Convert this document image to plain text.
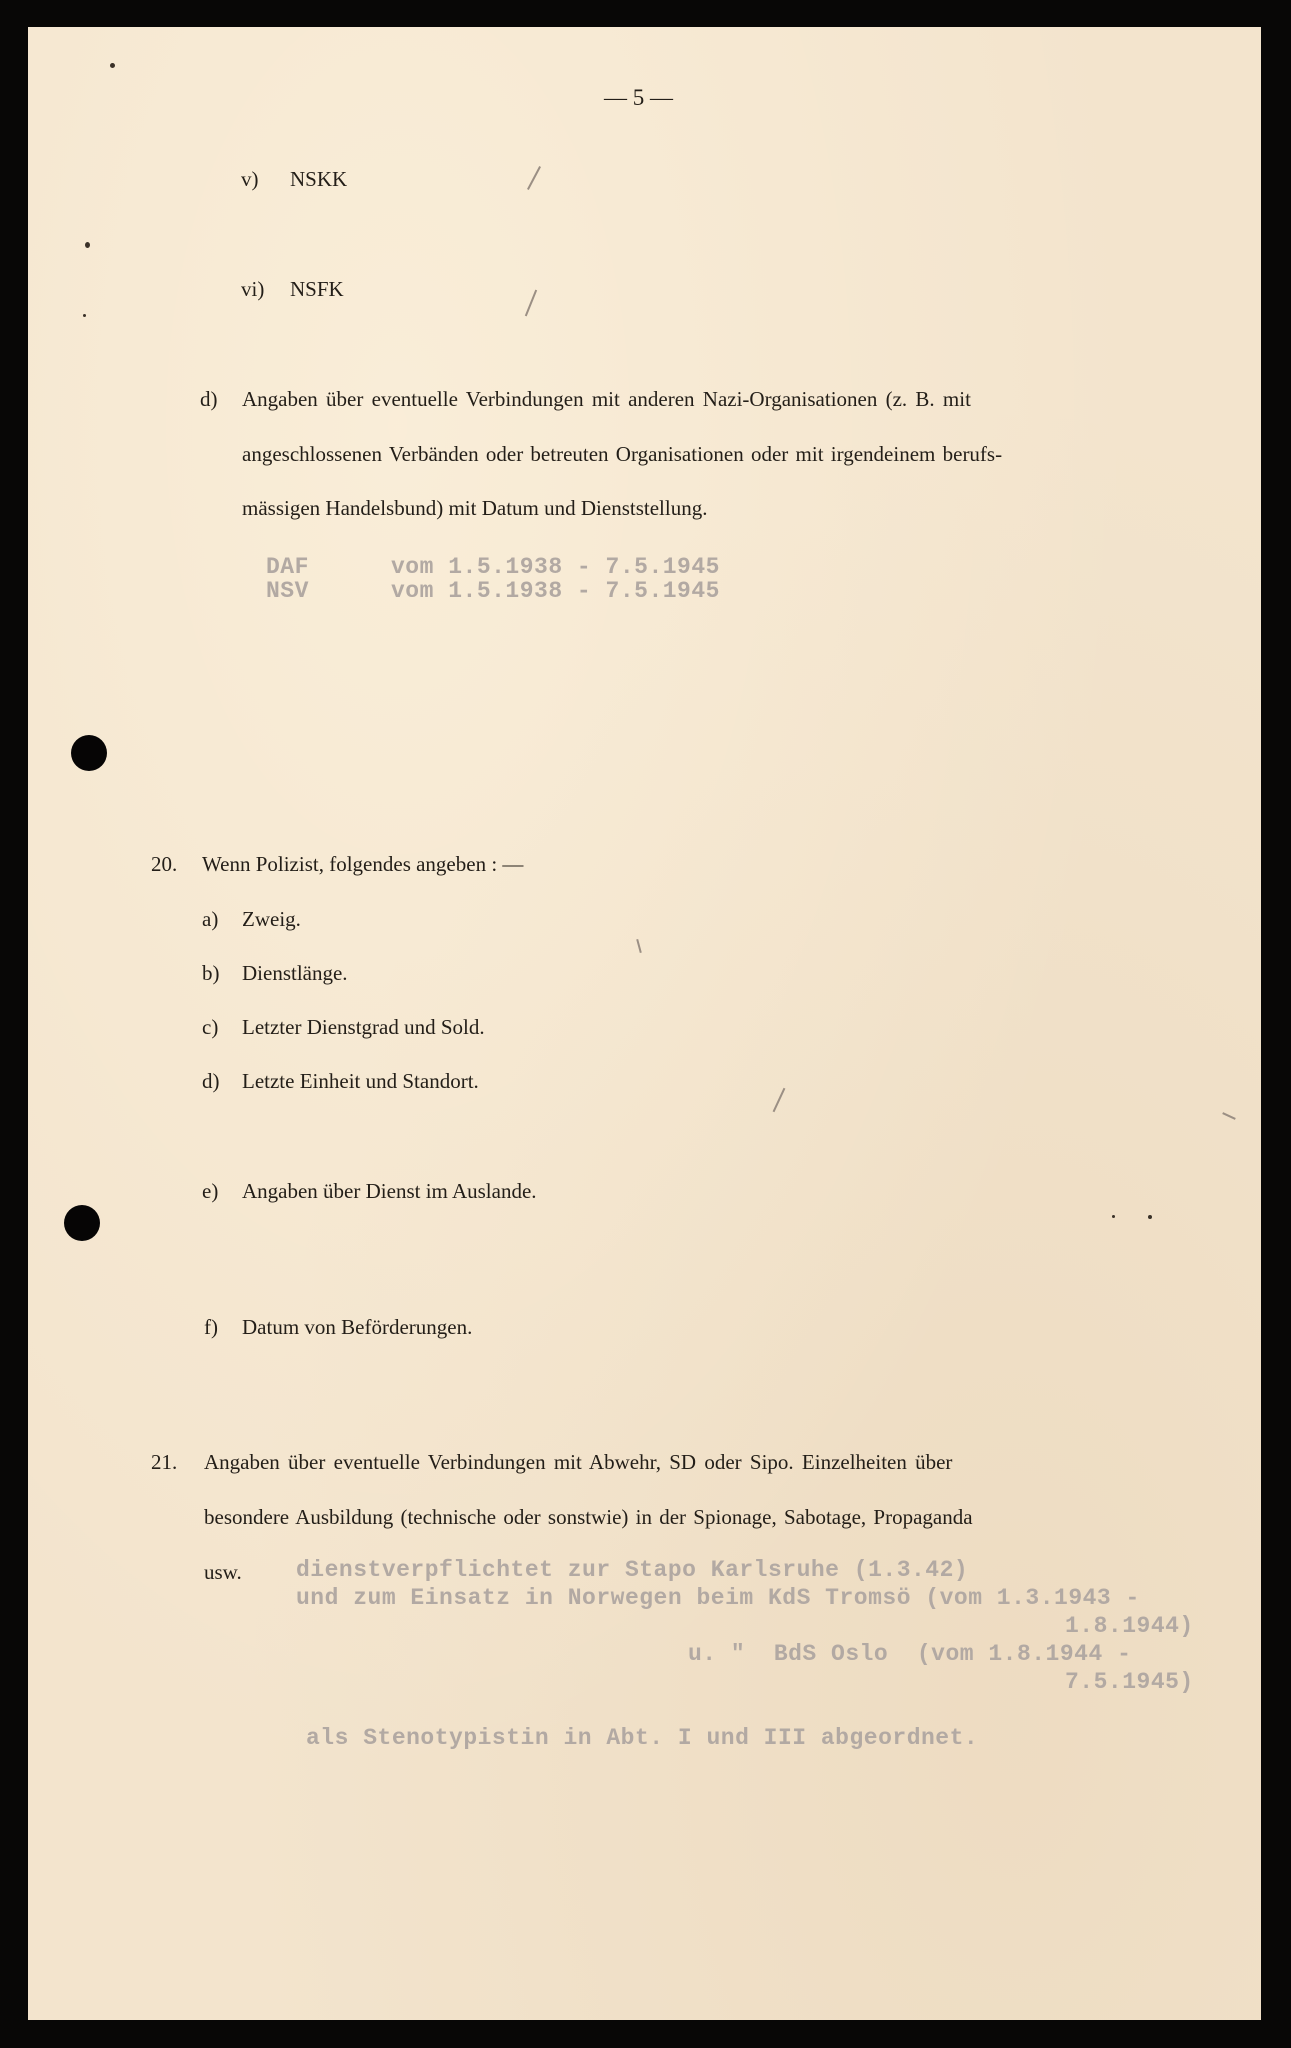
— 5 —
v) NSKK
vi) NSFK
d) Angaben über eventuelle Verbindungen mit anderen Nazi-Organisationen (z. B. mit
angeschlossenen Verbänden oder betreuten Organisationen oder mit irgendeinem berufs-
mässigen Handelsbund) mit Datum und Dienststellung.
DAF	vom 1.5.1938 - 7.5.1945
NSV	vom 1.5.1938 - 7.5.1945
20. Wenn Polizist, folgendes angeben : —
a) Zweig.
b) Dienstlänge.
c) Letzter Dienstgrad und Sold.
d) Letzte Einheit und Standort.
e) Angaben über Dienst im Auslande.
f) Datum von Beförderungen.
21. Angaben über eventuelle Verbindungen mit Abwehr, SD oder Sipo. Einzelheiten über
besondere Ausbildung (technische oder sonstwie) in der Spionage, Sabotage, Propaganda
usw. dienstverpflichtet zur Stapo Karlsruhe (1.3.42)
und zum Einsatz in Norwegen beim KdS Tromsö (vom 1.3.1943 -
1.8.1944)
u. "  BdS Oslo  (vom 1.8.1944 -
7.5.1945)
als Stenotypistin in Abt. I und III abgeordnet.
